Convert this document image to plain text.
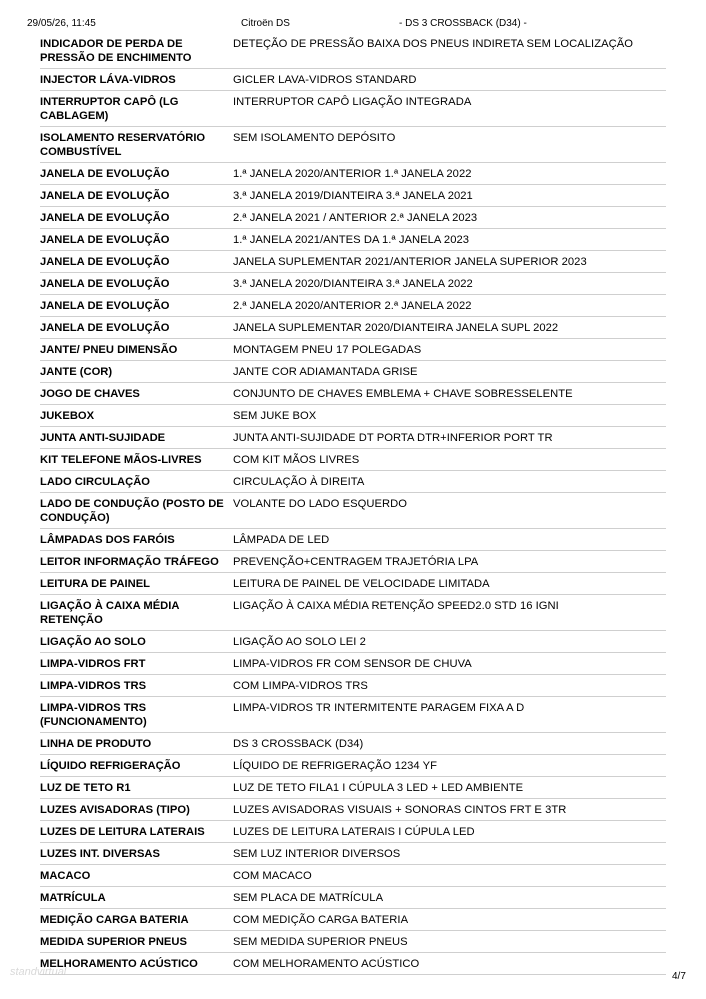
29/05/26, 11:45	Citroën DS	- DS 3 CROSSBACK (D34) -
INDICADOR DE PERDA DE PRESSÃO DE ENCHIMENTO	DETEÇÃO DE PRESSÃO BAIXA DOS PNEUS INDIRETA SEM LOCALIZAÇÃO
INJECTOR LÁVA-VIDROS	GICLER LAVA-VIDROS STANDARD
INTERRUPTOR CAPÔ (LG CABLAGEM)	INTERRUPTOR CAPÔ LIGAÇÃO INTEGRADA
ISOLAMENTO RESERVATÓRIO COMBUSTÍVEL	SEM ISOLAMENTO DEPÓSITO
JANELA DE EVOLUÇÃO	1.ª JANELA 2020/ANTERIOR 1.ª JANELA 2022
JANELA DE EVOLUÇÃO	3.ª JANELA 2019/DIANTEIRA 3.ª JANELA 2021
JANELA DE EVOLUÇÃO	2.ª JANELA 2021 / ANTERIOR 2.ª JANELA 2023
JANELA DE EVOLUÇÃO	1.ª JANELA 2021/ANTES DA 1.ª JANELA 2023
JANELA DE EVOLUÇÃO	JANELA SUPLEMENTAR 2021/ANTERIOR JANELA SUPERIOR 2023
JANELA DE EVOLUÇÃO	3.ª JANELA 2020/DIANTEIRA 3.ª JANELA 2022
JANELA DE EVOLUÇÃO	2.ª JANELA 2020/ANTERIOR 2.ª JANELA 2022
JANELA DE EVOLUÇÃO	JANELA SUPLEMENTAR 2020/DIANTEIRA JANELA SUPL 2022
JANTE/ PNEU DIMENSÃO	MONTAGEM PNEU 17 POLEGADAS
JANTE (COR)	JANTE COR ADIAMANTADA GRISE
JOGO DE CHAVES	CONJUNTO DE CHAVES EMBLEMA + CHAVE SOBRESSELENTE
JUKEBOX	SEM JUKE BOX
JUNTA ANTI-SUJIDADE	JUNTA ANTI-SUJIDADE DT PORTA DTR+INFERIOR PORT TR
KIT TELEFONE MÃOS-LIVRES	COM KIT MÃOS LIVRES
LADO CIRCULAÇÃO	CIRCULAÇÃO À DIREITA
LADO DE CONDUÇÃO (POSTO DE CONDUÇÃO)	VOLANTE DO LADO ESQUERDO
LÂMPADAS DOS FARÓIS	LÂMPADA DE LED
LEITOR INFORMAÇÃO TRÁFEGO	PREVENÇÃO+CENTRAGEM TRAJETÓRIA LPA
LEITURA DE PAINEL	LEITURA DE PAINEL DE VELOCIDADE LIMITADA
LIGAÇÃO À CAIXA MÉDIA RETENÇÃO	LIGAÇÃO À CAIXA MÉDIA RETENÇÃO SPEED2.0 STD 16 IGNI
LIGAÇÃO AO SOLO	LIGAÇÃO AO SOLO LEI 2
LIMPA-VIDROS FRT	LIMPA-VIDROS FR COM SENSOR DE CHUVA
LIMPA-VIDROS TRS	COM LIMPA-VIDROS TRS
LIMPA-VIDROS TRS (FUNCIONAMENTO)	LIMPA-VIDROS TR INTERMITENTE PARAGEM FIXA A D
LINHA DE PRODUTO	DS 3 CROSSBACK (D34)
LÍQUIDO REFRIGERAÇÃO	LÍQUIDO DE REFRIGERAÇÃO 1234 YF
LUZ DE TETO R1	LUZ DE TETO FILA1 I CÚPULA 3 LED + LED AMBIENTE
LUZES AVISADORAS (TIPO)	LUZES AVISADORAS VISUAIS + SONORAS CINTOS FRT E 3TR
LUZES DE LEITURA LATERAIS	LUZES DE LEITURA LATERAIS I CÚPULA LED
LUZES INT. DIVERSAS	SEM LUZ INTERIOR DIVERSOS
MACACO	COM MACACO
MATRÍCULA	SEM PLACA DE MATRÍCULA
MEDIÇÃO CARGA BATERIA	COM MEDIÇÃO CARGA BATERIA
MEDIDA SUPERIOR PNEUS	SEM MEDIDA SUPERIOR PNEUS
MELHORAMENTO ACÚSTICO	COM MELHORAMENTO ACÚSTICO
standvirtual	4/7
